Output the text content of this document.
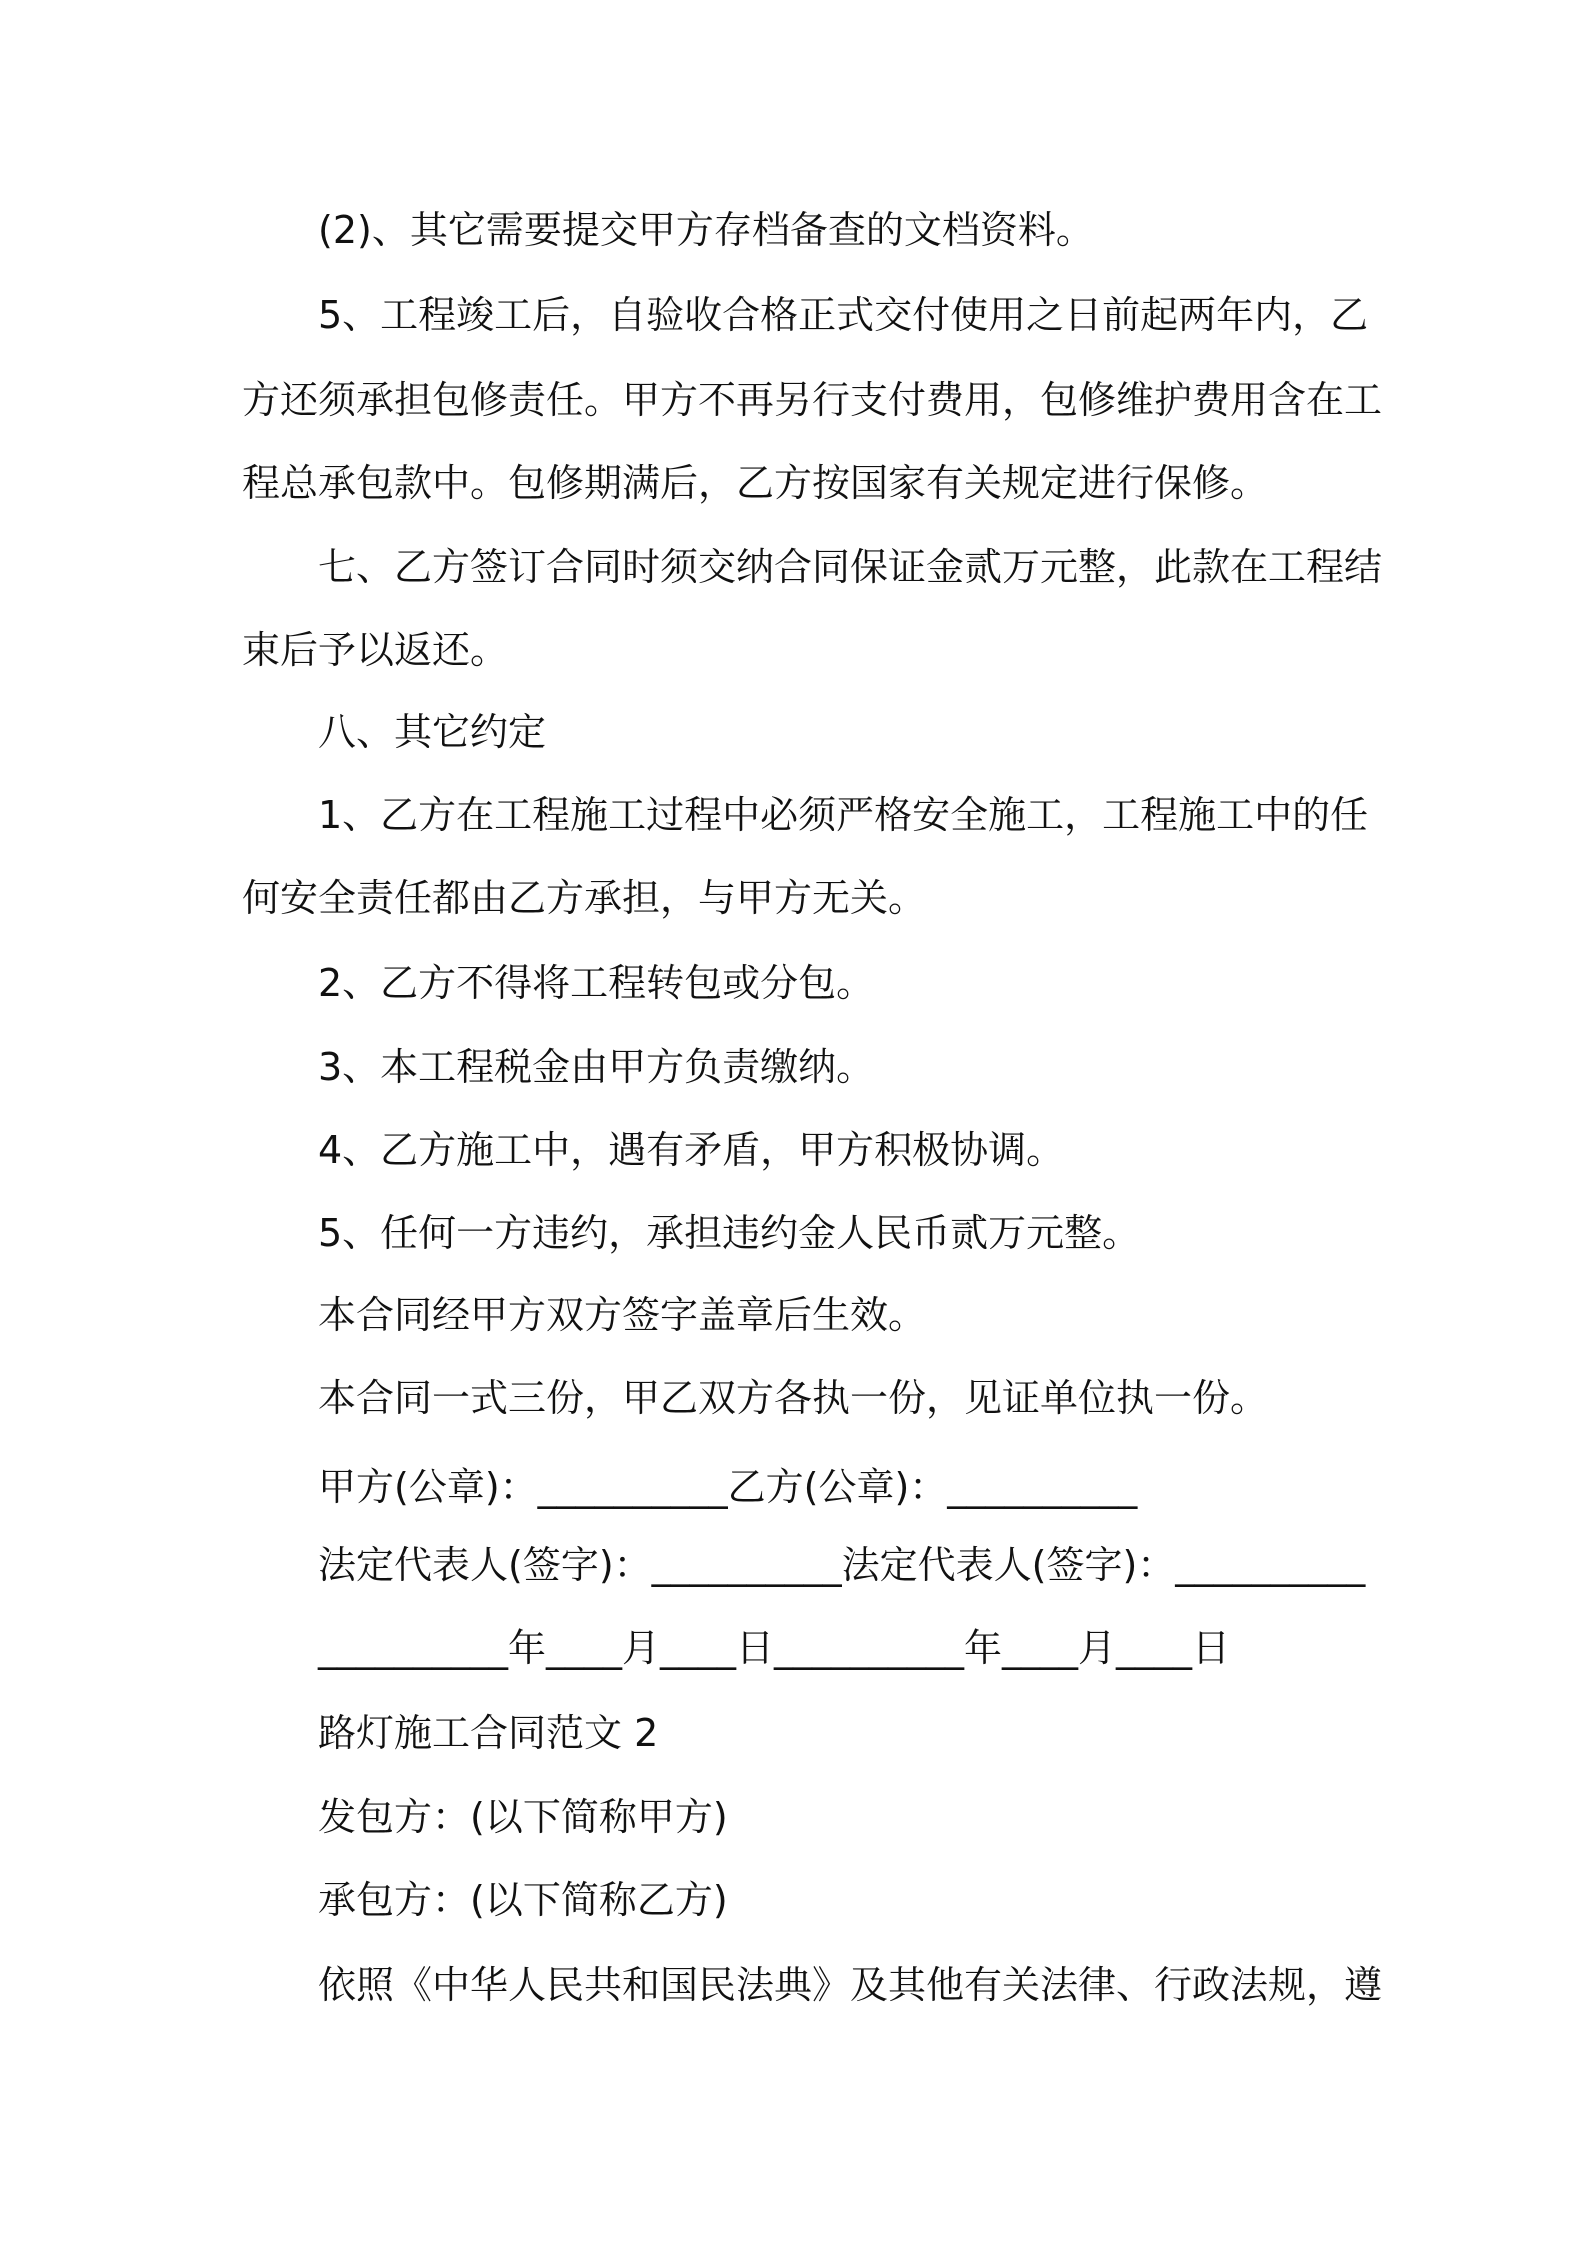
(2)、其它需要提交甲方存档备查的文档资料。

5、工程竣工后，自验收合格正式交付使用之日前起两年内，乙

方还须承担包修责任。甲方不再另行支付费用，包修维护费用含在工

程总承包款中。包修期满后，乙方按国家有关规定进行保修。

七、乙方签订合同时须交纳合同保证金贰万元整，此款在工程结

束后予以返还。

八、其它约定

1、乙方在工程施工过程中必须严格安全施工，工程施工中的任

何安全责任都由乙方承担，与甲方无关。

2、乙方不得将工程转包或分包。

3、本工程税金由甲方负责缴纳。

4、乙方施工中，遇有矛盾，甲方积极协调。

5、任何一方违约，承担违约金人民币贰万元整。

本合同经甲方双方签字盖章后生效。

本合同一式三份，甲乙双方各执一份，见证单位执一份。

甲方(公章)：__________乙方(公章)：__________

法定代表人(签字)：__________法定代表人(签字)：__________

__________年____月____日__________年____月____日

路灯施工合同范文 2

发包方：(以下简称甲方)

承包方：(以下简称乙方)

依照《中华人民共和国民法典》及其他有关法律、行政法规，遵
